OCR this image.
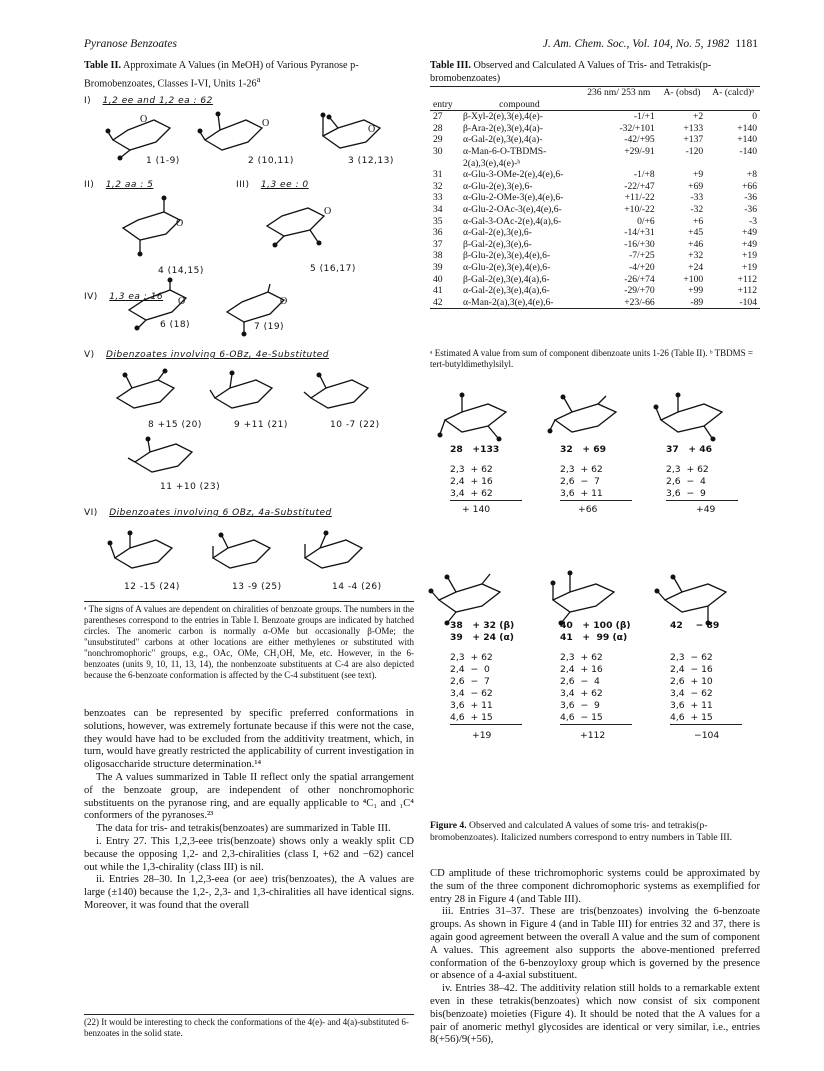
Pyranose Benzoates	J. Am. Chem. Soc., Vol. 104, No. 5, 1982 1181
Table II. Approximate A Values (in MeOH) of Various Pyranose p-Bromobenzoates, Classes I-VI, Units 1-26$^a$
I) 1,2 ee and 1,2 ea : 62
O
1 (1-9)
O
2 (10,11)
O
3 (12,13)
II) 1,2 aa : 5	III) 1,3 ee : 0
O
4 (14,15)
O
5 (16,17)
IV) 1,3 ea : 16 O
6 (18)
O
7 (19)
V) Dibenzoates involving 6-OBz, 4e-Substituted
8 +15 (20)	9 +11 (21)	10 -7 (22)
11 +10 (23)
VI) Dibenzoates involving 6 OBz, 4a-Substituted
12 -15 (24)	13 -9 (25)	14 -4 (26)
ᵃ The signs of A values are dependent on chiralities of benzoate groups. The numbers in the parentheses correspond to the entries in Table I. Benzoate groups are indicated by hatched circles. The anomeric carbon is normally α-OMe but occasionally β-OMe; the "unsubstituted" carbons at other locations are either methylenes or substituted with "nonchromophoric" groups, e.g., OAc, OMe, CH₂OH, Me, etc. However, in the 6-benzoates (units 9, 10, 11, 13, 14), the nonbenzoate substituents at C-4 are also depicted because the 6-benzoate conformation is affected by the C-4 substituent (see text).

benzoates can be represented by specific preferred conformations in solutions, however, was extremely fortunate because if this were not the case, they would have had to be excluded from the additivity treatment, which, in turn, would have greatly restricted the applicability of current investigation in oligosaccharide structure determination.¹⁴

The A values summarized in Table II reflect only the spatial arrangement of the benzoate group, are independent of other nonchromophoric substituents on the pyranose ring, and are equally applicable to ⁴C₁ and ₁C⁴ conformers of the pyranoses.²³

The data for tris- and tetrakis(benzoates) are summarized in Table III.

i. Entry 27. This 1,2,3-eee tris(benzoate) shows only a weakly split CD because the opposing 1,2- and 2,3-chiralities (class I, +62 and −62) cancel out while the 1,3-chirality (class III) is nil.

ii. Entries 28–30. In 1,2,3-eea (or aee) tris(benzoates), the A values are large (±140) because the 1,2-, 2,3- and 1,3-chiralities all have identical signs. Moreover, it was found that the overall

(22) It would be interesting to check the conformations of the 4(e)- and 4(a)-substituted 6-benzoates in the solid state.
Table III. Observed and Calculated A Values of Tris- and Tetrakis(p-bromobenzoates)
		236 nm/ 253 nm	A- (obsd)	A- (calcd)ᵃ
entry	compound			
27	β-Xyl-2(e),3(e),4(e)-	-1/+1	+2	0
28	β-Ara-2(e),3(e),4(a)-	-32/+101	+133	+140
29	α-Gal-2(e),3(e),4(a)-	-42/+95	+137	+140
30	α-Man-6-O-TBDMS-	+29/-91	-120	-140
	2(a),3(e),4(e)-ᵇ			
31	α-Glu-3-OMe-2(e),4(e),6-	-1/+8	+9	+8
32	α-Glu-2(e),3(e),6-	-22/+47	+69	+66
33	α-Glu-2-OMe-3(e),4(e),6-	+11/-22	-33	-36
34	α-Glu-2-OAc-3(e),4(e),6-	+10/-22	-32	-36
35	α-Gal-3-OAc-2(e),4(a),6-	0/+6	+6	-3
36	α-Gal-2(e),3(e),6-	-14/+31	+45	+49
37	β-Gal-2(e),3(e),6-	-16/+30	+46	+49
38	β-Glu-2(e),3(e),4(e),6-	-7/+25	+32	+19
39	α-Glu-2(e),3(e),4(e),6-	-4/+20	+24	+19
40	β-Gal-2(e),3(e),4(a),6-	-26/+74	+100	+112
41	α-Gal-2(e),3(e),4(a),6-	-29/+70	+99	+112
42	α-Man-2(a),3(e),4(e),6-	+23/-66	-89	-104
ᵃ Estimated A value from sum of component dibenzoate units 1-26 (Table II). ᵇ TBDMS = tert-butyldimethylsilyl.
28   +133
2,3  + 62
2,4  + 16
3,4  + 62
+ 140
32   + 69
2,3  + 62
2,6  −  7
3,6  + 11
+66
37   + 46
2,3  + 62
2,6  −  4
3,6  −  9
+49
38   + 32 (β)
39   + 24 (α)
2,3  + 62
2,4  −  0
2,6  −  7
3,4  − 62
3,6  + 11
4,6  + 15
+19
40   + 100 (β)
41   +  99 (α)
2,3  + 62
2,4  + 16
2,6  −  4
3,4  + 62
3,6  −  9
4,6  − 15
+112
42    − 89
2,3  − 62
2,4  − 16
2,6  + 10
3,4  − 62
3,6  + 11
4,6  + 15
−104
Figure 4. Observed and calculated A values of some tris- and tetrakis(p-bromobenzoates). Italicized numbers correspond to entry numbers in Table III.

CD amplitude of these trichromophoric systems could be approximated by the sum of the three component dichromophoric systems as exemplified for entry 28 in Figure 4 (and Table III).

iii. Entries 31–37. These are tris(benzoates) involving the 6-benzoate groups. As shown in Figure 4 (and in Table III) for entries 32 and 37, there is again good agreement between the overall A value and the sum of component A values. This agreement also supports the above-mentioned preferred conformation of the 6-benzoyloxy group which is governed by the presence or absence of a 4-axial substituent.

iv. Entries 38–42. The additivity relation still holds to a remarkable extent even in these tetrakis(benzoates) which now consist of six component bis(benzoate) moieties (Figure 4). It should be noted that the A values for a pair of anomeric methyl glycosides are identical or very similar, i.e., entries 8(+56)/9(+56),
